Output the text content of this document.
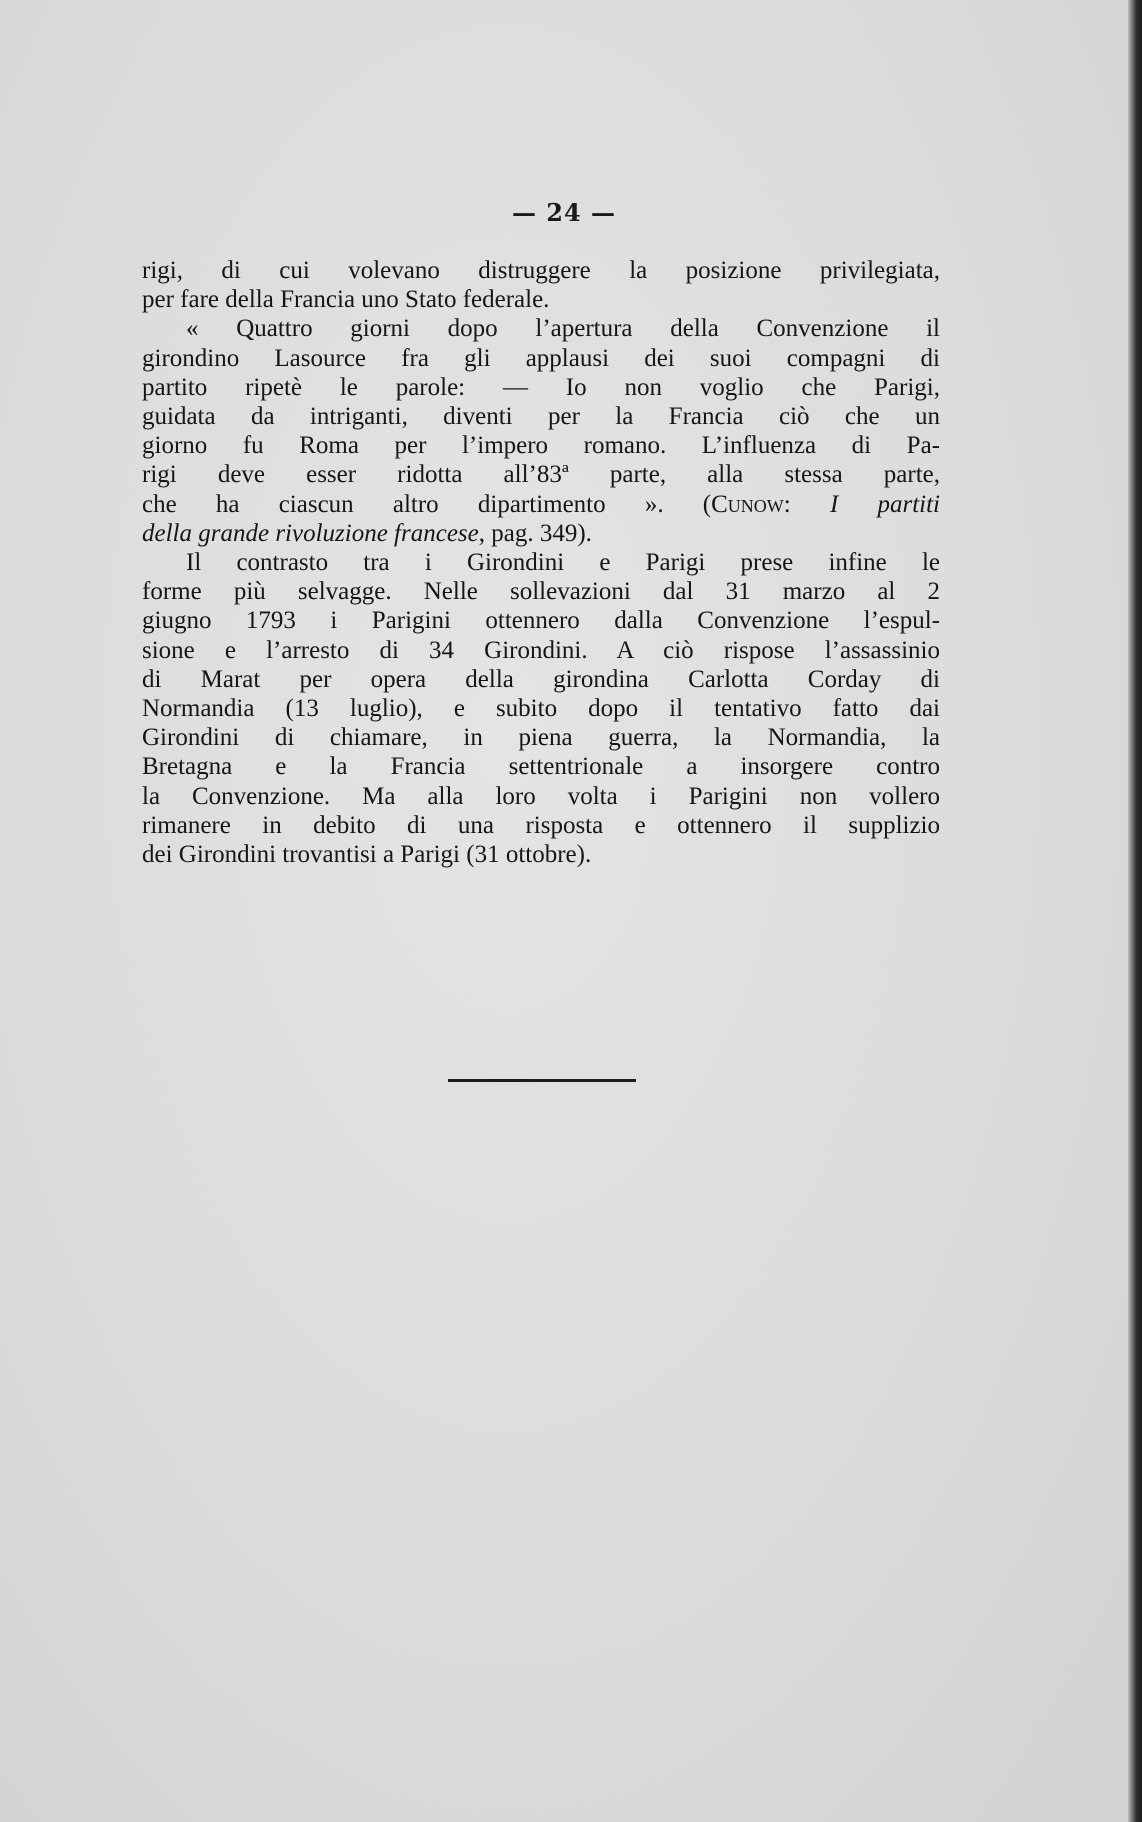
— 24 —
rigi, di cui volevano distruggere la posizione privilegiata,
per fare della Francia uno Stato federale.
« Quattro giorni dopo l’apertura della Convenzione il
girondino Lasource fra gli applausi dei suoi compagni di
partito ripetè le parole: — Io non voglio che Parigi,
guidata da intriganti, diventi per la Francia ciò che un
giorno fu Roma per l’impero romano. L’influenza di Pa-
rigi deve esser ridotta all’83ª parte, alla stessa parte,
che ha ciascun altro dipartimento ». (Cunow: I partiti
della grande rivoluzione francese, pag. 349).
Il contrasto tra i Girondini e Parigi prese infine le
forme più selvagge. Nelle sollevazioni dal 31 marzo al 2
giugno 1793 i Parigini ottennero dalla Convenzione l’espul-
sione e l’arresto di 34 Girondini. A ciò rispose l’assassinio
di Marat per opera della girondina Carlotta Corday di
Normandia (13 luglio), e subito dopo il tentativo fatto dai
Girondini di chiamare, in piena guerra, la Normandia, la
Bretagna e la Francia settentrionale a insorgere contro
la Convenzione. Ma alla loro volta i Parigini non vollero
rimanere in debito di una risposta e ottennero il supplizio
dei Girondini trovantisi a Parigi (31 ottobre).
